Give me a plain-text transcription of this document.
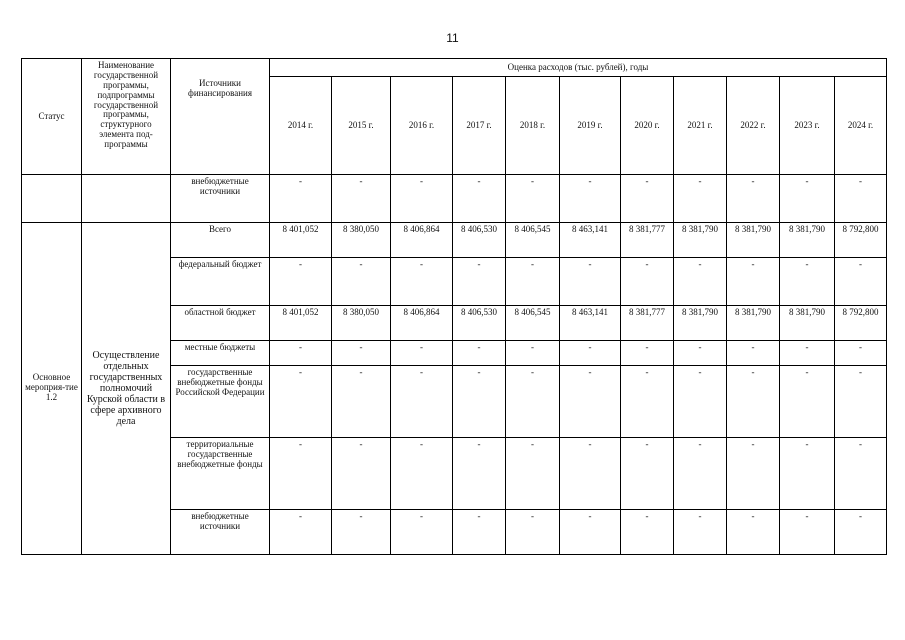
11
Статус	Наименование государственной программы, подпрограммы государственной программы, структурного элемента под-программы	Источники финансирования	Оценка расходов (тыс. рублей), годы										
			2014 г.	2015 г.	2016 г.	2017 г.	2018 г.	2019 г.	2020 г.	2021 г.	2022 г.	2023 г.	2024 г.
		внебюджетные источники	-	-	-	-	-	-	-	-	-	-	-
Основное мероприя-тие 1.2	Осуществление отдельных государственных полномочий Курской области в сфере архивного дела	Всего	8 401,052	8 380,050	8 406,864	8 406,530	8 406,545	8 463,141	8 381,777	8 381,790	8 381,790	8 381,790	8 792,800
		федеральный бюджет	-	-	-	-	-	-	-	-	-	-	-
		областной бюджет	8 401,052	8 380,050	8 406,864	8 406,530	8 406,545	8 463,141	8 381,777	8 381,790	8 381,790	8 381,790	8 792,800
		местные бюджеты	-	-	-	-	-	-	-	-	-	-	-
		государственные внебюджетные фонды Российской Федерации	-	-	-	-	-	-	-	-	-	-	-
		территориальные государственные внебюджетные фонды	-	-	-	-	-	-	-	-	-	-	-
		внебюджетные источники	-	-	-	-	-	-	-	-	-	-	-
